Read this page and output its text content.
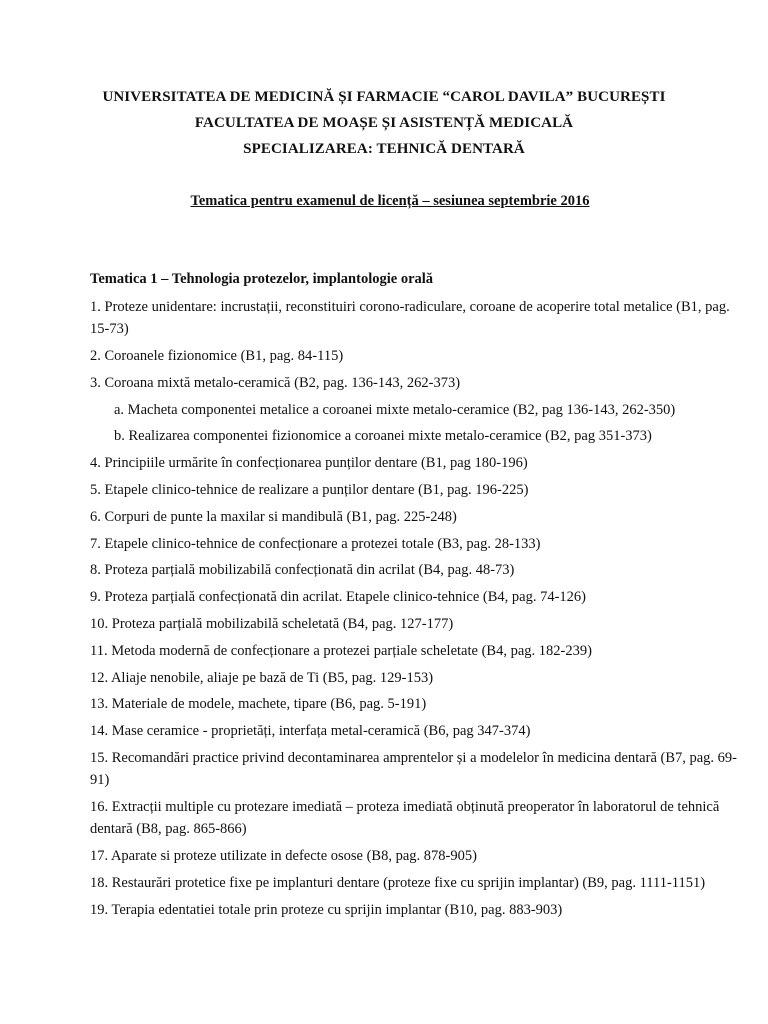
UNIVERSITATEA DE MEDICINĂ ȘI FARMACIE “CAROL DAVILA” BUCUREȘTI
FACULTATEA DE MOAȘE ȘI ASISTENȚĂ MEDICALĂ
SPECIALIZAREA: TEHNICĂ DENTARĂ
Tematica pentru examenul de licență – sesiunea septembrie 2016
Tematica 1 – Tehnologia protezelor, implantologie orală
1. Proteze unidentare: incrustații, reconstituiri corono-radiculare, coroane de acoperire total metalice (B1, pag. 15-73)
2. Coroanele fizionomice (B1, pag. 84-115)
3. Coroana mixtă metalo-ceramică (B2, pag. 136-143, 262-373)
a. Macheta componentei metalice a coroanei mixte metalo-ceramice (B2, pag 136-143, 262-350)
b. Realizarea componentei fizionomice a coroanei mixte metalo-ceramice (B2, pag 351-373)
4. Principiile urmărite în confecționarea punților dentare (B1, pag 180-196)
5. Etapele clinico-tehnice de realizare a punților dentare (B1, pag. 196-225)
6. Corpuri de punte la maxilar si mandibulă (B1, pag. 225-248)
7. Etapele clinico-tehnice de confecționare a protezei totale (B3, pag. 28-133)
8. Proteza parțială mobilizabilă confecționată din acrilat (B4, pag. 48-73)
9. Proteza parțială confecționată din acrilat. Etapele clinico-tehnice (B4, pag. 74-126)
10. Proteza parțială mobilizabilă scheletată (B4, pag. 127-177)
11. Metoda modernă de confecționare a protezei parțiale scheletate (B4, pag. 182-239)
12. Aliaje nenobile, aliaje pe bază de Ti (B5, pag. 129-153)
13. Materiale de modele, machete, tipare (B6, pag. 5-191)
14. Mase ceramice - proprietăți, interfața metal-ceramică (B6, pag 347-374)
15. Recomandări practice privind decontaminarea amprentelor și a modelelor în medicina dentară (B7, pag. 69-91)
16. Extracții multiple cu protezare imediată – proteza imediată obținută preoperator în laboratorul de tehnică dentară (B8, pag. 865-866)
17. Aparate si proteze utilizate in defecte osose (B8, pag. 878-905)
18. Restaurări protetice fixe pe implanturi dentare (proteze fixe cu sprijin implantar) (B9, pag. 1111-1151)
19. Terapia edentatiei totale prin proteze cu sprijin implantar (B10, pag. 883-903)
